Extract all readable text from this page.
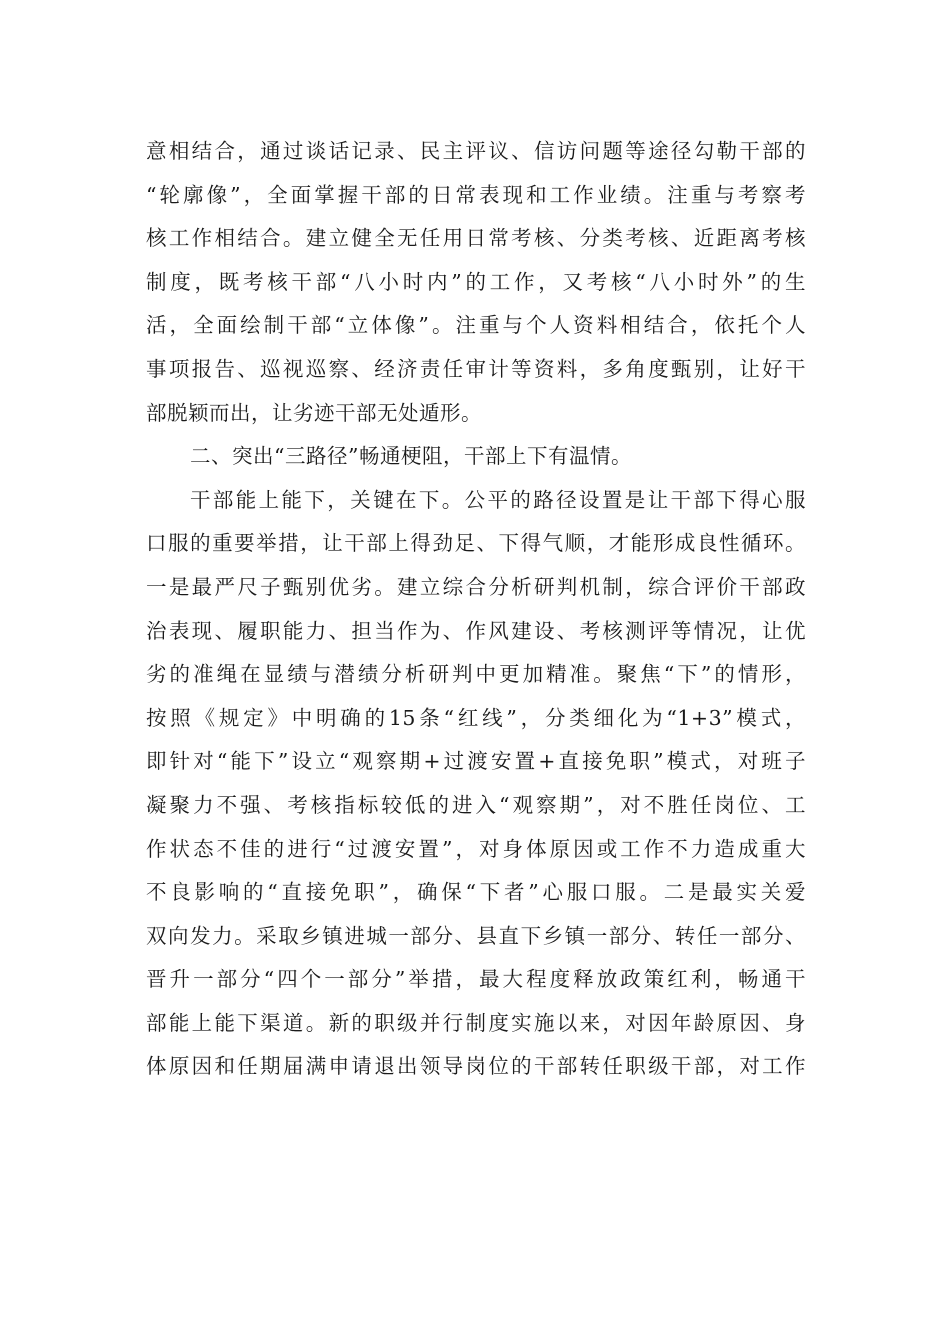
意相结合，通过谈话记录、民主评议、信访问题等途径勾勒干部的
“轮廓像”，全面掌握干部的日常表现和工作业绩。注重与考察考
核工作相结合。建立健全无任用日常考核、分类考核、近距离考核
制度，既考核干部“八小时内”的工作，又考核“八小时外”的生
活，全面绘制干部“立体像”。注重与个人资料相结合，依托个人
事项报告、巡视巡察、经济责任审计等资料，多角度甄别，让好干
部脱颖而出，让劣迹干部无处遁形。
二、突出“三路径”畅通梗阻，干部上下有温情。
干部能上能下，关键在下。公平的路径设置是让干部下得心服
口服的重要举措，让干部上得劲足、下得气顺，才能形成良性循环。
一是最严尺子甄别优劣。建立综合分析研判机制，综合评价干部政
治表现、履职能力、担当作为、作风建设、考核测评等情况，让优
劣的准绳在显绩与潜绩分析研判中更加精准。聚焦“下”的情形，
按照《规定》中明确的15条“红线”，分类细化为“1+3”模式，
即针对“能下”设立“观察期+过渡安置+直接免职”模式，对班子
凝聚力不强、考核指标较低的进入“观察期”，对不胜任岗位、工
作状态不佳的进行“过渡安置”，对身体原因或工作不力造成重大
不良影响的“直接免职”，确保“下者”心服口服。二是最实关爱
双向发力。采取乡镇进城一部分、县直下乡镇一部分、转任一部分、
晋升一部分“四个一部分”举措，最大程度释放政策红利，畅通干
部能上能下渠道。新的职级并行制度实施以来，对因年龄原因、身
体原因和任期届满申请退出领导岗位的干部转任职级干部，对工作
